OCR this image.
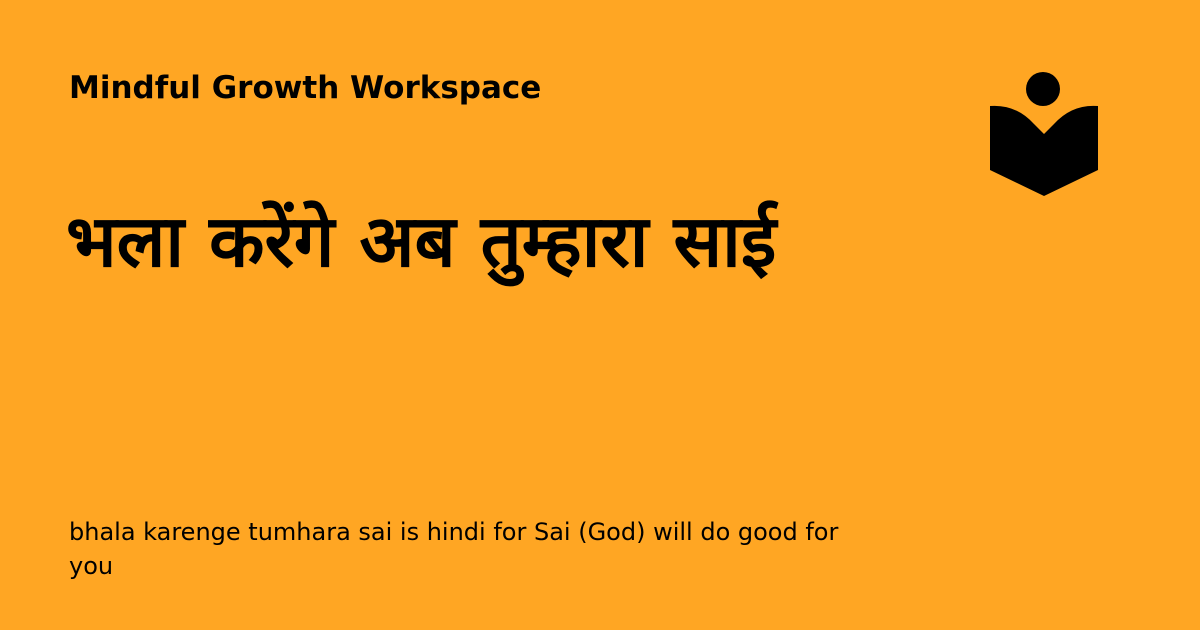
Mindful Growth Workspace
भला करेंगे अब तुम्हारा साई
bhala karenge tumhara sai is hindi for Sai (God) will do good for you
